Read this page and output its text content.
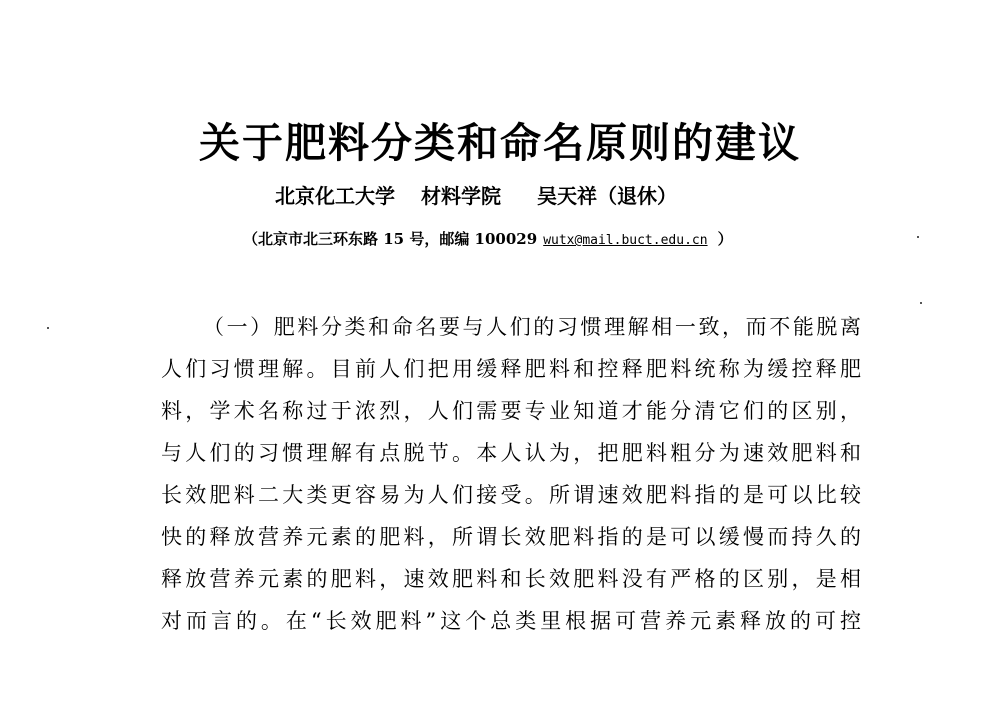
关于肥料分类和命名原则的建议
北京化工大学 材料学院 吴天祥（退休）
（北京市北三环东路 15 号，邮编 100029 wutx@mail.buct.edu.cn ）
（一）肥料分类和命名要与人们的习惯理解相一致，而不能脱离
人们习惯理解。目前人们把用缓释肥料和控释肥料统称为缓控释肥
料，学术名称过于浓烈，人们需要专业知道才能分清它们的区别，
与人们的习惯理解有点脱节。本人认为，把肥料粗分为速效肥料和
长效肥料二大类更容易为人们接受。所谓速效肥料指的是可以比较
快的释放营养元素的肥料，所谓长效肥料指的是可以缓慢而持久的
释放营养元素的肥料，速效肥料和长效肥料没有严格的区别，是相
对而言的。在“长效肥料”这个总类里根据可营养元素释放的可控
